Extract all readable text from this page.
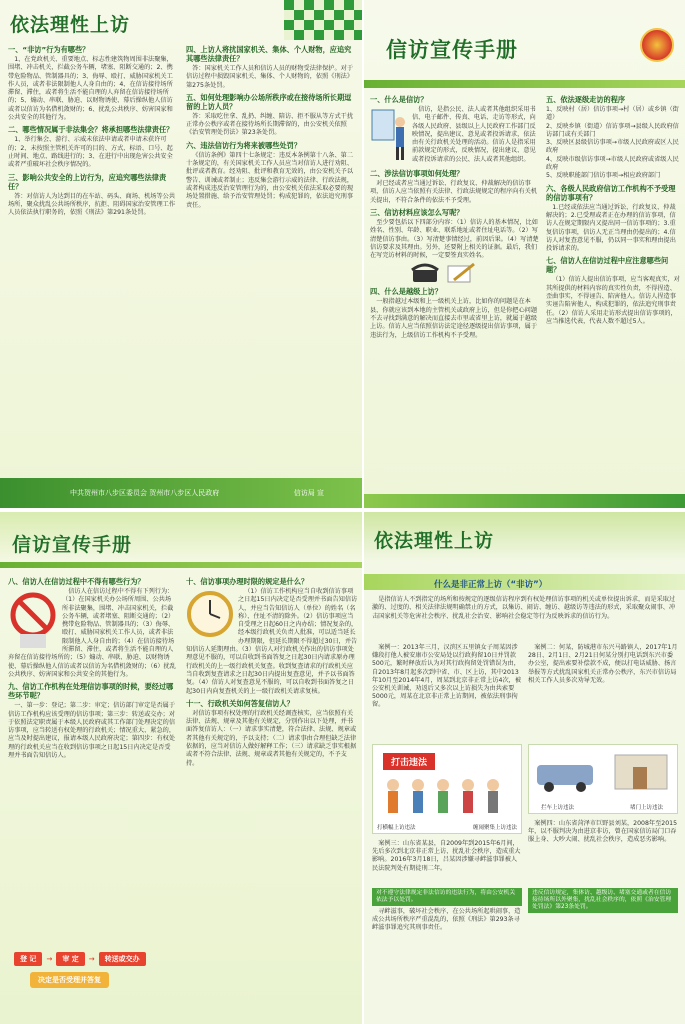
依法理性上访
一、“非访”行为有哪些？

1、在党政机关、重要地点、标志性建筑物周围非法聚集，围堵、冲击机关，拦截公务车辆，堵塞、阻断交通的；2、携带危险物品、管制器具的；3、侮辱、殴打、威胁国家机关工作人员，或者非法限制他人人身自由的；4、在信访接待场所滞留、滞住，或者将生活不能自理的人弃留在信访接待场所的；5、煽动、串联、胁迫、以财物诱使、幕后操纵他人信访或者以信访为名借机敛财的；6、扰乱公共秩序、妨害国家和公共安全的其他行为。

二、哪些情况属于非法集会？将承担哪些法律责任？

1、举行集会、游行、示威未依法申请或者申请未获许可的；2、未按照主管机关许可的目的、方式、标语、口号、起止时间、地点、路线进行的；3、在进行中出现危害公共安全或者严重破坏社会秩序情况的。

三、影响公共安全的上访行为，应追究哪些法律责任？

答：对信访人为达到目的在车站、码头、商场、机场等公共场所，聚众扰乱公共场所秩序，抗拒、阻碍国家治安管理工作人员依法执行职务的，依照《刑法》第291条处罚。

四、上访人将扰国家机关、集体、个人财物，应追究其哪些法律责任？

答：国家机关工作人员和信访人员的财物受法律保护。对于信访过程中损毁国家机关、集体、个人财物的，依照《刑法》第275条处罚。

五、如何处理影响办公场所秩序或在接待场所长期逗留的上访人员？

答：采取吃住拿、乱扔、纠缠、陪访、拒不服从等方式干扰正常办公秩序或者在接待场所长期滞留的，由公安机关依照《治安管理处罚法》第23条处罚。

六、违法信访行为将来被哪些处罚？

《信访条例》第四十七条规定：违反本条例第十八条、第二十条规定的，有关国家机关工作人员应当对信访人进行劝阻、批评或者教育。经劝阻、批评和教育无效的，由公安机关予以警告、训诫或者制止；违反集会游行示威的法律、行政法规，或者构成违反治安管理行为的，由公安机关依法采取必要的现场处置措施、给予治安管理处罚；构成犯罪的，依法追究刑事责任。

中共贺州市八步区委员会 贺州市八步区人民政府	信访局 宣
信访宣传手册
一、什么是信访？

信访，是指公民、法人或者其他组织采用书信、电子邮件、传真、电话、走访等形式，向各级人民政府、县级以上人民政府工作部门反映情况，提出建议、意见或者投诉请求，依法由有关行政机关处理的活动。信访人是指采用前款规定的形式，反映情况，提出建议、意见或者投诉请求的公民、法人或者其他组织。

二、涉法信访事项如何处理？

对已经或者应当通过诉讼、行政复议、仲裁解决的信访事项，信访人应当依照有关法律、行政法规规定的程序向有关机关提出，不符合条件的依法不予受理。

三、信访材料应该怎么写呢？

至少要包括以下四部分内容：（1）信访人的基本情况，比如姓名、性别、年龄、职业、联系地址或者住址电话等。（2）写清楚信访事由。（3）写清楚事情经过，前因后果。（4）写清楚信访要求及其理由。另外，还要附上相关的证据。最后，我们在写完访材料的时候，一定要签真实姓名。

四、什么是越级上访？

一般指越过本级和上一级机关上访，比如你的问题是在本县，你就应该到本地的主管机关或政府上访，但是你把心问题不去寻找到满意的解决而直接去市里或省里上访，就属于越级上访。信访人应当依照信访法定途径逐级提出信访事项，属于违法行为，上级信访工作机构不予受理。

五、依法逐级走访的程序
1、反映村（居）信访事项→村（居）或乡镇（街道）
2、反映乡镇（街道）信访事项→县级人民政府信访部门或有关部门
3、反映区县级信访事项→市级人民政府或区人民政府
4、反映市级信访事项→市级人民政府或省级人民政府
5、反映职能部门信访事项→相应政府部门
六、各级人民政府信访工作机构不予受理的信访事项有？

1.已经或依法应当通过诉讼、行政复议、仲裁解决的；2.已受理或者正在办理的信访事项，信访人在规定期限内又提出同一信访事项的；3.重复信访事项，信访人无正当理由仍提出的；4.信访人对复查意见不服，仍以同一事实和理由提出投诉请求的。

七、信访人在信访过程中应注意哪些问题？

（1）信访人提出信访事项，应当客观真实，对其所提供的材料内容的真实性负责，不得捏造、歪曲事实，不得诬告、陷害他人。信访人捏造事实诬告陷害他人，构成犯罪的，依法追究刑事责任。（2）信访人采用走访形式提出信访事项的，应当推选代表，代表人数不超过5人。

信访宣传手册
八、信访人在信访过程中不得有哪些行为？

信访人在信访过程中不得有下列行为：（1）在国家机关办公场所周围、公共场所非法聚集，围堵、冲击国家机关，拦截公务车辆，或者堵塞、阻断交通的；（2）携带危险物品、管制器具的；（3）侮辱、殴打、威胁国家机关工作人员，或者非法限制他人人身自由的；（4）在信访接待场所滞留、滞住，或者将生活不能自理的人弃留在信访接待场所的；（5）煽动、串联、胁迫、以财物诱使、幕后操纵他人信访或者以信访为名借机敛财的；（6）扰乱公共秩序、妨害国家和公共安全的其他行为。

九、信访工作机构在处理信访事项的时候，要经过哪些环节呢？

一、第一步：登记；第二步：审定；信访部门审定是否属于信访工作机构应该受理的信访事项；第三步：转送或交办；对于依照法定职责属于本级人民政府或其工作部门处理决定的信访事项，应当转送有权处理的行政机关；情况重大、紧急的，应当及时提出建议，报请本级人民政府决定；第四步：有权处理的行政机关应当在收到信访事项之日起15日内决定是否受理并书面告知信访人。

登 记	→	审 定	→	转送或交办
决定是否受理并答复
十、信访事项办理时限的规定是什么？

（1）信访工作机构应当自收到信访事项之日起15日内决定是否受理并书面告知信访人，并应当告知信访人（单位）的姓名（名称）、住址不清的除外。（2）信访事项应当自受理之日起60日之内办结；情况复杂的，经本级行政机关负责人批准，可以适当延长办理期限，但延长期限不得超过30日，并告知信访人延期理由。（3）信访人对行政机关作出的信访事项处理意见不服的，可以自收到书面答复之日起30日内请求原办理行政机关的上一级行政机关复查。收到复查请求的行政机关应当自收到复查请求之日起30日内提出复查意见，并予以书面答复。（4）信访人对复查意见不服的，可以自收到书面答复之日起30日内向复查机关的上一级行政机关请求复核。

十一、行政机关如何答复信访人？

对信访事项有权处理的行政机关经调查核实，应当依照有关法律、法规、规章及其他有关规定，分别作出以下处理，并书面答复信访人：（一）请求事实清楚，符合法律、法规、规章或者其他有关规定的，予以支持；（二）请求事由合理但缺乏法律依据的，应当对信访人做好解释工作；（三）请求缺乏事实根据或者不符合法律、法规、规章或者其他有关规定的，不予支持。

依法理性上访
什么是非正常上访（“非访”）

是指信访人不到指定的场所和按规定的逐级信访程序到有权处理信访事项的机关或单位提出诉求，而是采取过激的、过度的、相关法律法规明确禁止的方式，以集访、闹访、缠访、越级访等违法的形式，采取聚众闹事、冲击国家机关等危害社会秩序、扰乱社会治安、影响社会稳定等行为反映诉求的信访行为。

案例一：2013年三月，汉滨区五里镇女子周某因涉嫌段打他人被安康市公安局处以行政拘留10日并罚款500元，繁时释放后认为对其行政拘留处罚错误为由，自2013年8月起多次到中省、市、区上访，其中2013年10月至2014年4月，周某到北京非正常上访4次，被公安机关训诫，劝返后又多次以上访损失为由共索要5000元，周某在北京非正常上访期间，被依法刑事拘留。

案例二：何某，防城港市东兴马路镇人，2017年1月28日、2月1日、2月21日何某分别打电话到东兴市委办公室，提出索要补偿款不成，便以打电话威胁、扬言举报等方式扰乱国家机关正常办公秩序，东兴市信访局相关工作人员多次劝导无效。

打击违法
打横幅上访违法	缠闹聚集上访违法
拦车上访违法	堵门上访违法

案例三：山东省某县，自2009年到2015年6月间，先后多次到北京非正常上访，扰乱社会秩序，造成重大影响。2016年3月18日，吕某因涉嫌寻衅滋事罪被人民法院判处有期徒刑二年。

案例四：山东省菏泽市巨野县刘某，2008年至2015年，以不服判决为由进京非访，曾在国家信访局门口吞服上身、大吵大闹、扰乱社会秩序，造成恶劣影响。

对不遵守法律规定非法信访的违法行为，将由公安机关依法予以处罚。

寻衅滋事，破坏社会秩序，在公共场所起哄闹事，造成公共场所秩序严重混乱的，依照《刑法》第293条寻衅滋事罪追究其刑事责任。

违反信访规定，集体访、越级访、堵塞交通或者在信访接待场所以外聚集，扰乱社会秩序的，依照《治安管理处罚法》第23条处罚。
